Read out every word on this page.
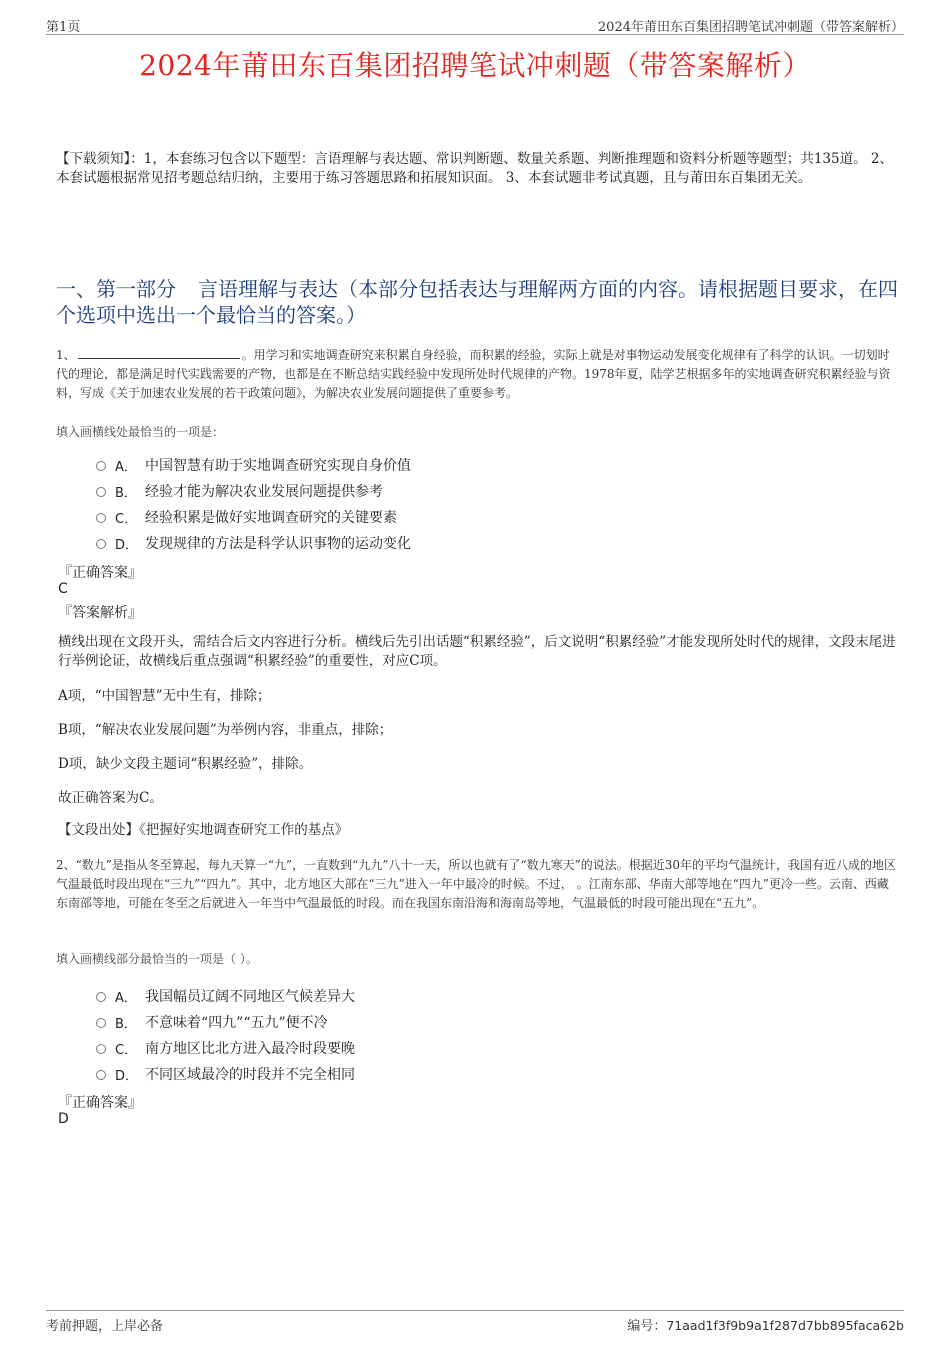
第1页	2024年莆田东百集团招聘笔试冲刺题（带答案解析）
2024年莆田东百集团招聘笔试冲刺题（带答案解析）
【下载须知】：1，本套练习包含以下题型：言语理解与表达题、常识判断题、数量关系题、判断推理题和资料分析题等题型；共135道。 2、本套试题根据常见招考题总结归纳，主要用于练习答题思路和拓展知识面。 3、本套试题非考试真题，且与莆田东百集团无关。
一、第一部分 言语理解与表达（本部分包括表达与理解两方面的内容。请根据题目要求，在四个选项中选出一个最恰当的答案。）
1、	。用学习和实地调查研究来积累自身经验，而积累的经验，实际上就是对事物运动发展变化规律有了科学的认识。一切划时代的理论，都是满足时代实践需要的产物，也都是在不断总结实践经验中发现所处时代规律的产物。1978年夏，陆学艺根据多年的实地调查研究积累经验与资料，写成《关于加速农业发展的若干政策问题》，为解决农业发展问题提供了重要参考。
填入画横线处最恰当的一项是：
A． 中国智慧有助于实地调查研究实现自身价值
B． 经验才能为解决农业发展问题提供参考
C． 经验积累是做好实地调查研究的关键要素
D． 发现规律的方法是科学认识事物的运动变化
『正确答案』
C
『答案解析』
横线出现在文段开头，需结合后文内容进行分析。横线后先引出话题“积累经验”，后文说明“积累经验”才能发现所处时代的规律，文段末尾进行举例论证，故横线后重点强调“积累经验”的重要性，对应C项。
A项，“中国智慧”无中生有，排除；
B项，“解决农业发展问题”为举例内容，非重点，排除；
D项，缺少文段主题词“积累经验”，排除。
故正确答案为C。
【文段出处】《把握好实地调查研究工作的基点》
2、“数九”是指从冬至算起，每九天算一“九”，一直数到“九九”八十一天，所以也就有了“数九寒天”的说法。根据近30年的平均气温统计，我国有近八成的地区气温最低时段出现在“三九”“四九”。其中，北方地区大部在“三九”进入一年中最冷的时候。不过， 。江南东部、华南大部等地在“四九”更冷一些。云南、西藏东南部等地，可能在冬至之后就进入一年当中气温最低的时段。而在我国东南沿海和海南岛等地，气温最低的时段可能出现在“五九”。
填入画横线部分最恰当的一项是（ ）。
A． 我国幅员辽阔不同地区气候差异大
B． 不意味着“四九”“五九”便不冷
C． 南方地区比北方进入最冷时段要晚
D． 不同区域最冷的时段并不完全相同
『正确答案』
D
考前押题，上岸必备	编号：71aad1f3f9b9a1f287d7bb895faca62b
